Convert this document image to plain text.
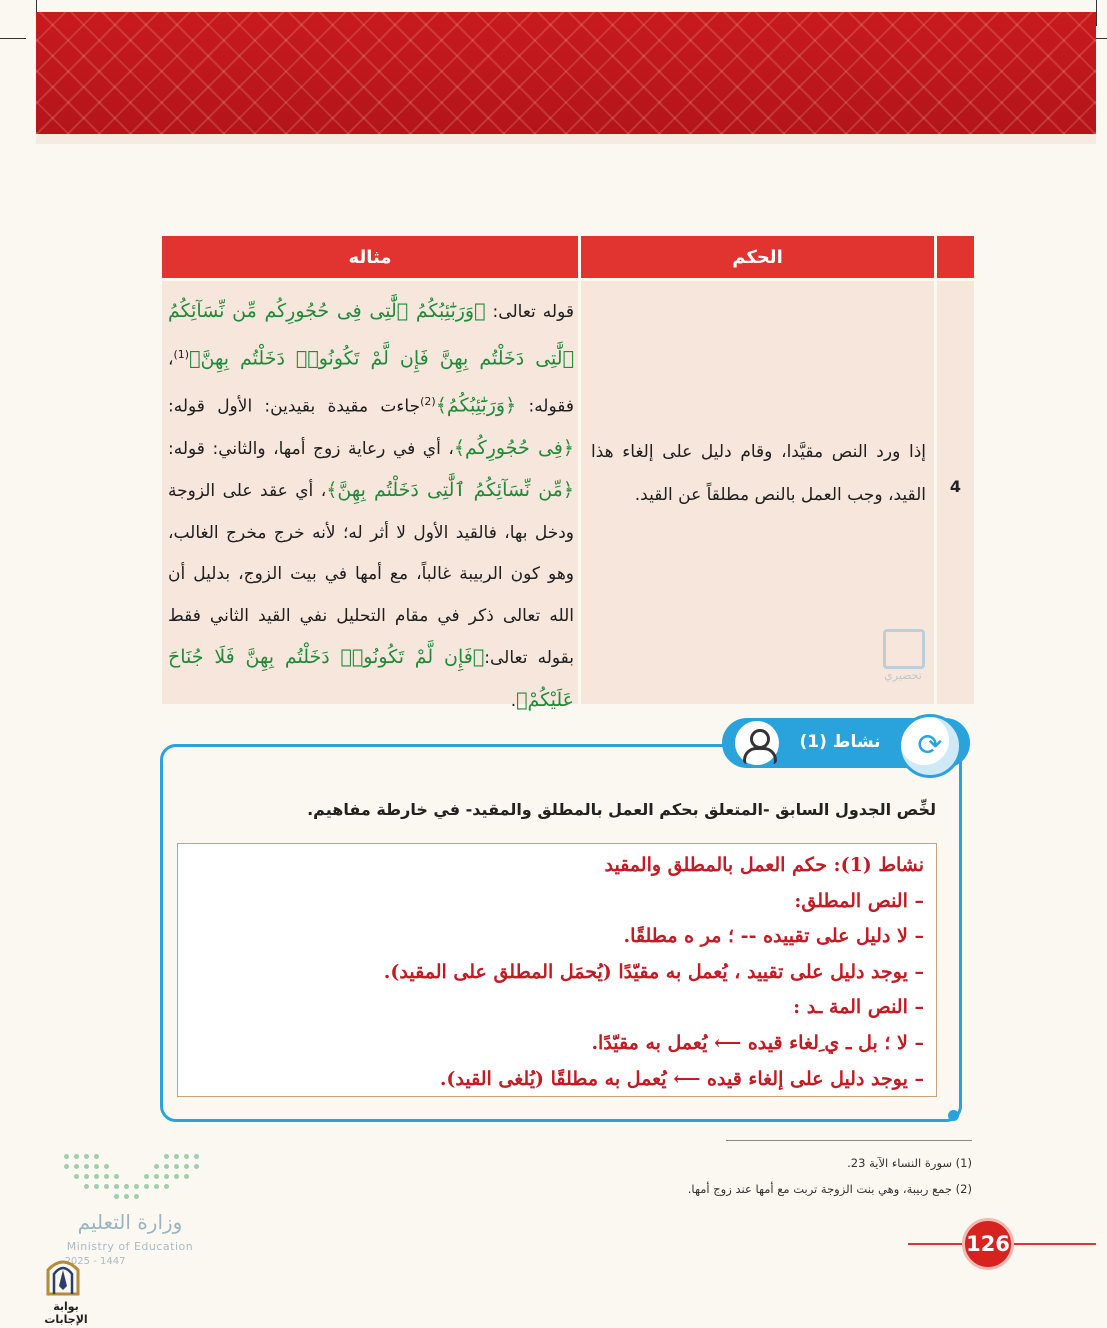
مثاله	الحكم
قوله تعالى: ﴿وَرَبَٰٓئِبُكُمُ ٱلَّٰتِى فِى حُجُورِكُم مِّن نِّسَآئِكُمُ ٱلَّٰتِى دَخَلْتُم بِهِنَّ فَإِن لَّمْ تَكُونُوا۟ دَخَلْتُم بِهِنَّ﴾$^{(1)}$، فقوله: ﴿وَرَبَٰٓئِبُكُمُ﴾$^{(2)}$جاءت مقيدة بقيدين: الأول قوله: ﴿فِى حُجُورِكُم﴾، أي في رعاية زوج أمها، والثاني: قوله: ﴿مِّن نِّسَآئِكُمُ ٱلَّٰتِى دَخَلْتُم بِهِنَّ﴾، أي عقد على الزوجة ودخل بها، فالقيد الأول لا أثر له؛ لأنه خرج مخرج الغالب، وهو كون الربيبة غالباً، مع أمها في بيت الزوج، بدليل أن الله تعالى ذكر في مقام التحليل نفي القيد الثاني فقط بقوله تعالى:﴿فَإِن لَّمْ تَكُونُوا۟ دَخَلْتُم بِهِنَّ فَلَا جُنَاحَ عَلَيْكُمْ﴾.
إذا ورد النص مقيَّدا، وقام دليل على إلغاء هذا القيد، وجب العمل بالنص مطلقاً عن القيد.
تحضيري
4
نشاط (1)	⟳
لخِّص الجدول السابق -المتعلق بحكم العمل بالمطلق والمقيد- في خارطة مفاهيم.
نشاط (1): حكم العمل بالمطلق والمقيد
– النص المطلق:
– لا دليل على تقييده -- ؛ مر ه مطلقًا.
– يوجد دليل على تقييد ، يُعمل به مقيّدًا (يُحمَل المطلق على المقيد).
– النص المة ـد :
– لا ؛ بل ـ ي ِلغاء قيده ⟵ يُعمل به مقيّدًا.
– يوجد دليل على إلغاء قيده ⟵ يُعمل به مطلقًا (يُلغى القيد).
(1) سورة النساء الآية 23.
(2) جمع ربيبة، وهي بنت الزوجة تربت مع أمها عند زوج أمها.
وزارة التعليم
Ministry of Education
2025 - 1447
بوابة الإجابات
126
